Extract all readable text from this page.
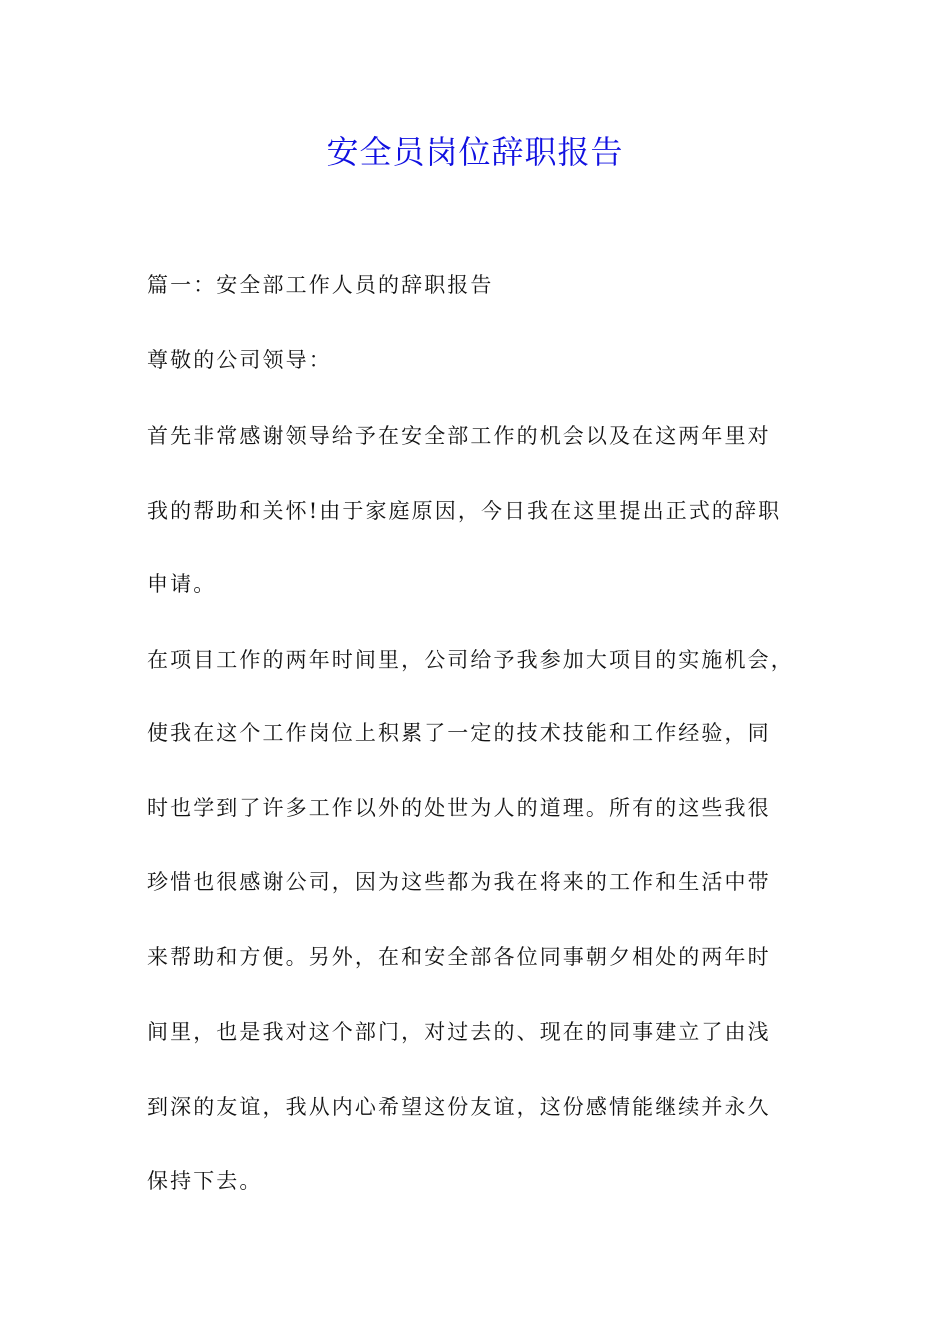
安全员岗位辞职报告

篇一：安全部工作人员的辞职报告

尊敬的公司领导：

首先非常感谢领导给予在安全部工作的机会以及在这两年里对

我的帮助和关怀!由于家庭原因，今日我在这里提出正式的辞职

申请。

在项目工作的两年时间里，公司给予我参加大项目的实施机会，

使我在这个工作岗位上积累了一定的技术技能和工作经验，同

时也学到了许多工作以外的处世为人的道理。所有的这些我很

珍惜也很感谢公司，因为这些都为我在将来的工作和生活中带

来帮助和方便。另外，在和安全部各位同事朝夕相处的两年时

间里，也是我对这个部门，对过去的、现在的同事建立了由浅

到深的友谊，我从内心希望这份友谊，这份感情能继续并永久

保持下去。
